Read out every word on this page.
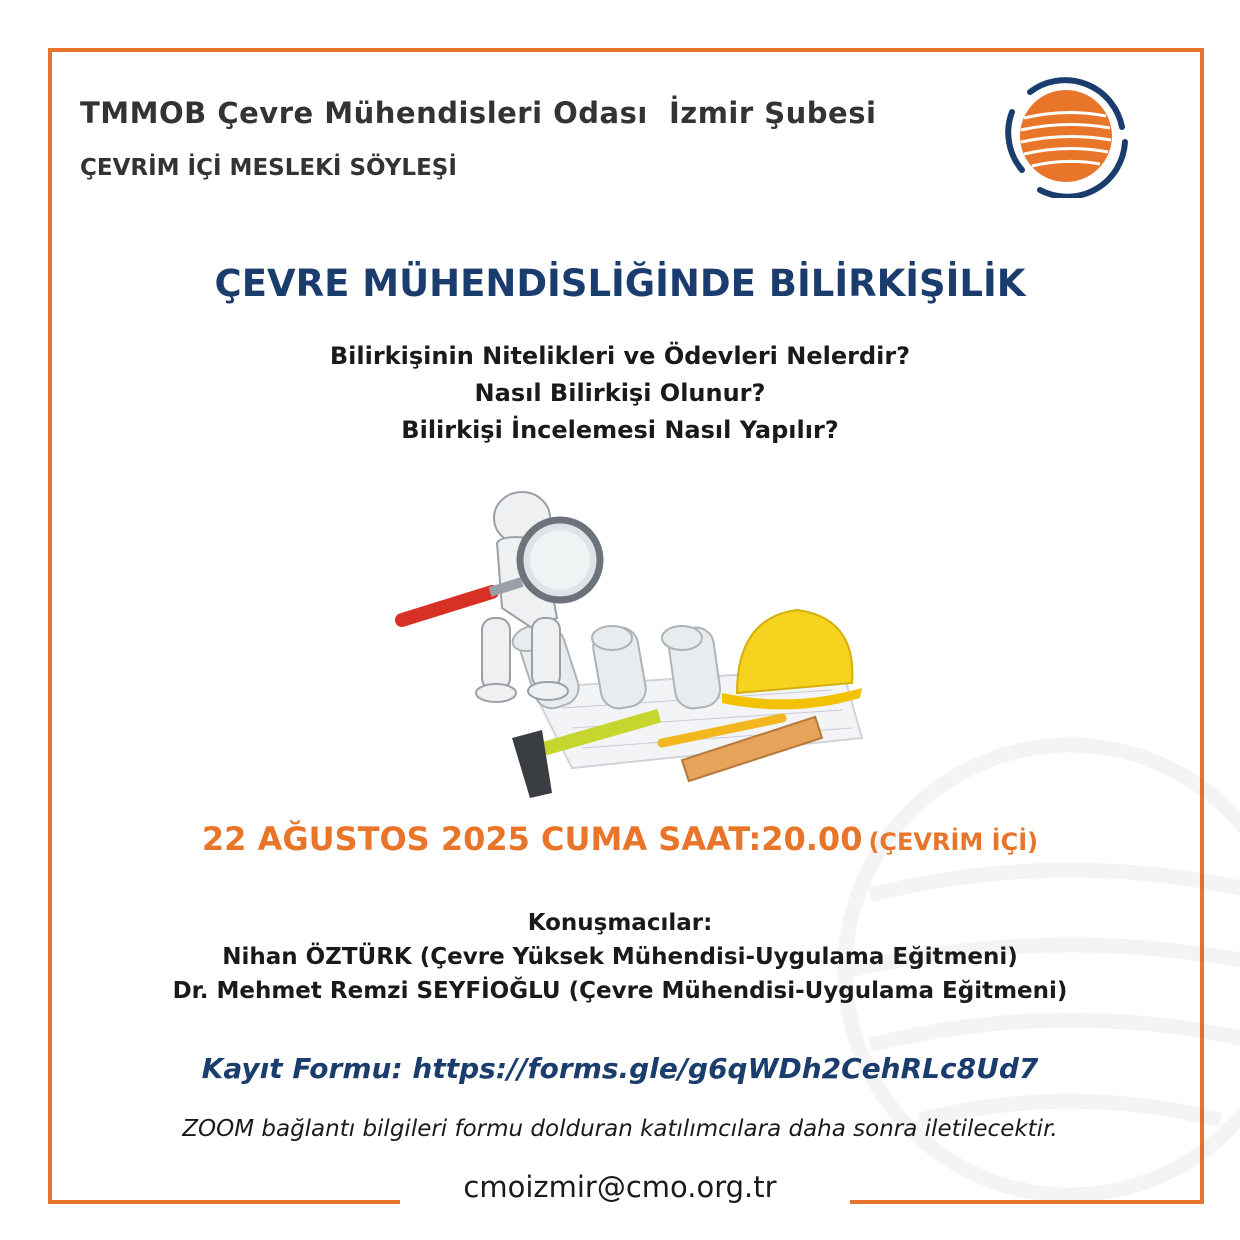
TMMOB Çevre Mühendisleri Odası  İzmir Şubesi
ÇEVRİM İÇİ MESLEKİ SÖYLEŞİ
ÇEVRE MÜHENDİSLİĞİNDE BİLİRKİŞİLİK
Bilirkişinin Nitelikleri ve Ödevleri Nelerdir?
Nasıl Bilirkişi Olunur?
Bilirkişi İncelemesi Nasıl Yapılır?
22 AĞUSTOS 2025 CUMA SAAT:20.00 (ÇEVRİM İÇİ)
Konuşmacılar:
Nihan ÖZTÜRK (Çevre Yüksek Mühendisi-Uygulama Eğitmeni)
Dr. Mehmet Remzi SEYFİOĞLU (Çevre Mühendisi-Uygulama Eğitmeni)
Kayıt Formu: https://forms.gle/g6qWDh2CehRLc8Ud7
ZOOM bağlantı bilgileri formu dolduran katılımcılara daha sonra iletilecektir.
cmoizmir@cmo.org.tr
